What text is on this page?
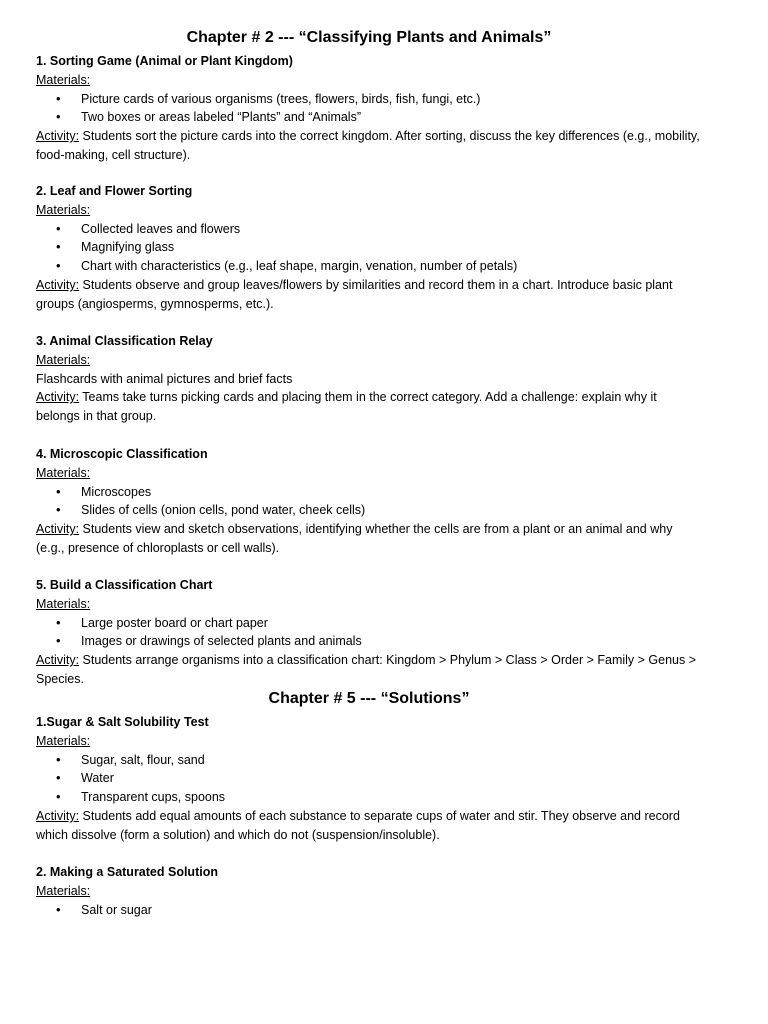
Chapter # 2 --- “Classifying Plants and Animals”

1. Sorting Game (Animal or Plant Kingdom)
Materials:
• Picture cards of various organisms (trees, flowers, birds, fish, fungi, etc.)
• Two boxes or areas labeled “Plants” and “Animals”
Activity: Students sort the picture cards into the correct kingdom. After sorting, discuss the key differences (e.g., mobility, food-making, cell structure).
2. Leaf and Flower Sorting
Materials:
• Collected leaves and flowers
• Magnifying glass
• Chart with characteristics (e.g., leaf shape, margin, venation, number of petals)
Activity: Students observe and group leaves/flowers by similarities and record them in a chart. Introduce basic plant groups (angiosperms, gymnosperms, etc.).
3. Animal Classification Relay
Materials:
Flashcards with animal pictures and brief facts
Activity: Teams take turns picking cards and placing them in the correct category. Add a challenge: explain why it belongs in that group.
4. Microscopic Classification
Materials:
• Microscopes
• Slides of cells (onion cells, pond water, cheek cells)
Activity: Students view and sketch observations, identifying whether the cells are from a plant or an animal and why (e.g., presence of chloroplasts or cell walls).
5. Build a Classification Chart
Materials:
• Large poster board or chart paper
• Images or drawings of selected plants and animals
Activity: Students arrange organisms into a classification chart: Kingdom > Phylum > Class > Order > Family > Genus > Species.

Chapter # 5 --- “Solutions”

1.Sugar & Salt Solubility Test
Materials:
• Sugar, salt, flour, sand
• Water
• Transparent cups, spoons
Activity: Students add equal amounts of each substance to separate cups of water and stir. They observe and record which dissolve (form a solution) and which do not (suspension/insoluble).
2. Making a Saturated Solution
Materials:
• Salt or sugar
